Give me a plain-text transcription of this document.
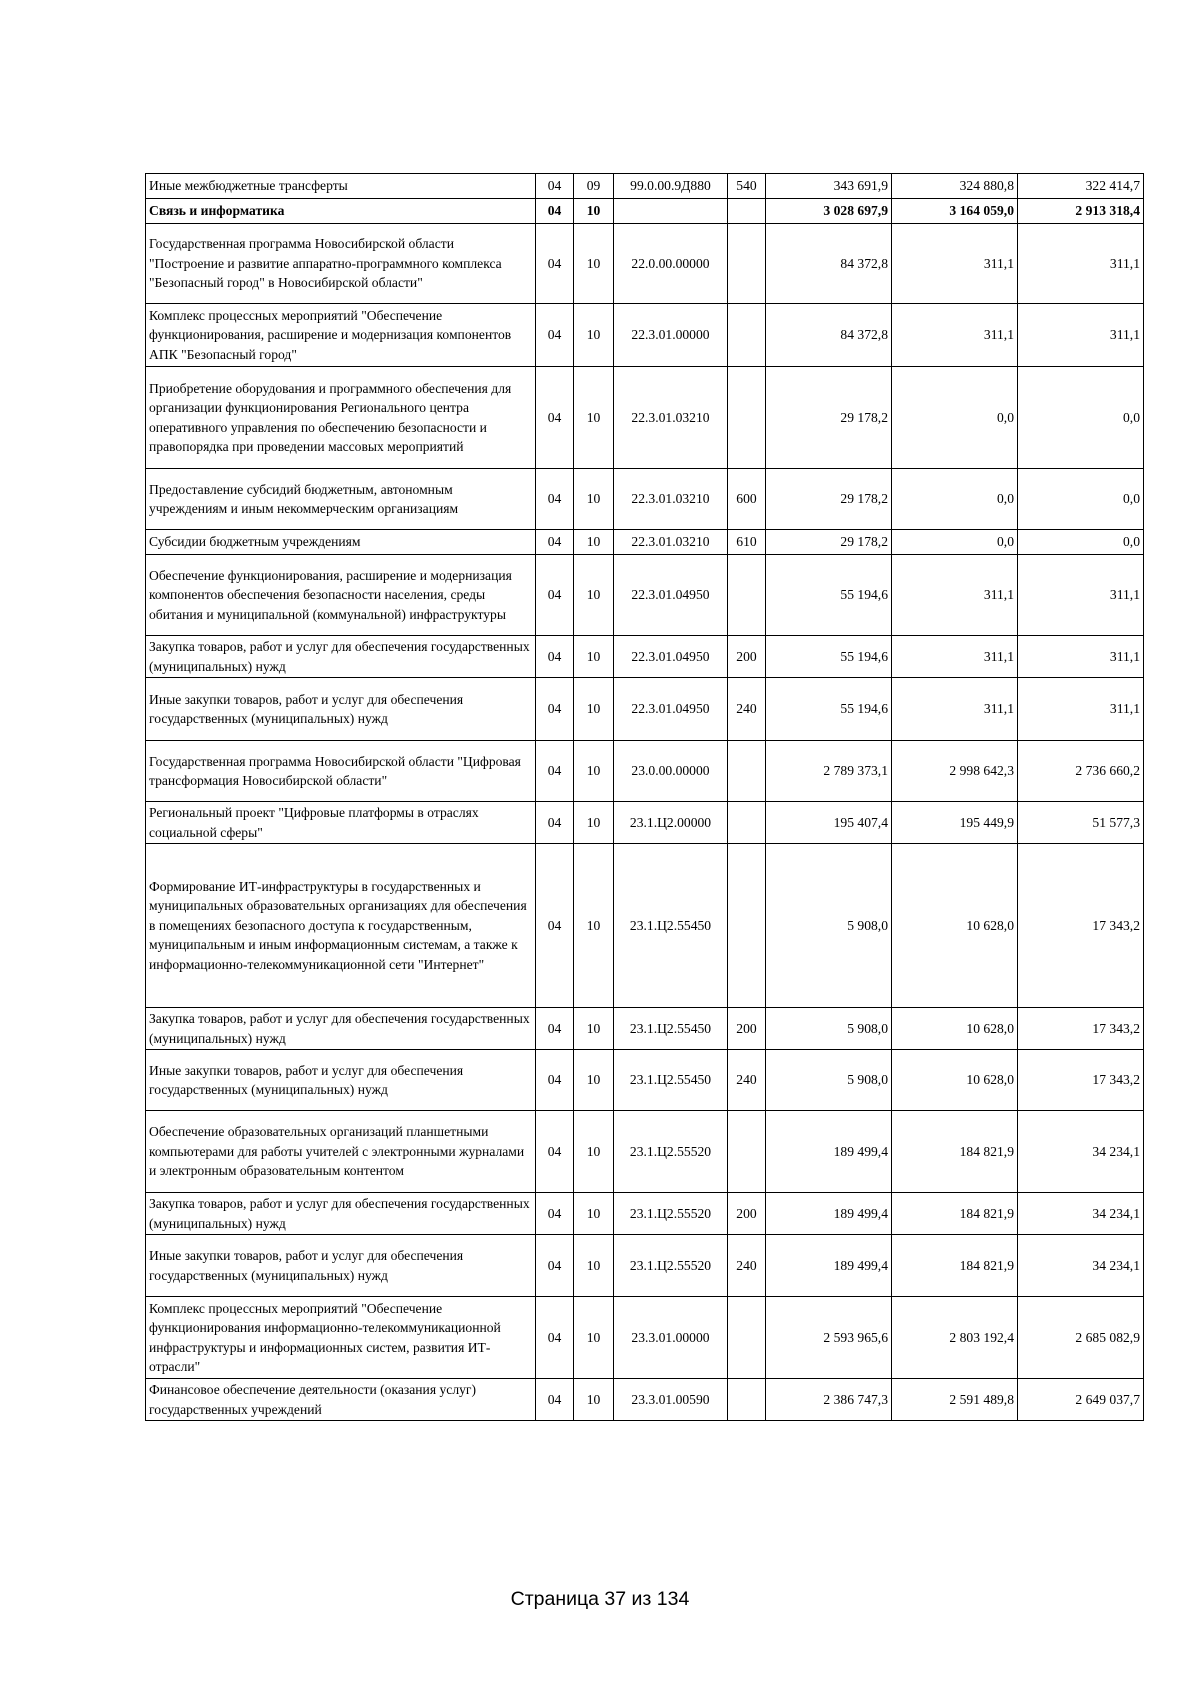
Иные межбюджетные трансферты	04	09	99.0.00.9Д880	540	343 691,9	324 880,8	322 414,7
Связь и информатика	04	10			3 028 697,9	3 164 059,0	2 913 318,4
Государственная программа Новосибирской области "Построение и развитие аппаратно-программного комплекса "Безопасный город" в Новосибирской области"	04	10	22.0.00.00000		84 372,8	311,1	311,1
Комплекс процессных мероприятий "Обеспечение функционирования, расширение и модернизация компонентов АПК "Безопасный город"	04	10	22.3.01.00000		84 372,8	311,1	311,1
Приобретение оборудования и программного обеспечения для организации функционирования Регионального центра оперативного управления по обеспечению безопасности и правопорядка при проведении массовых мероприятий	04	10	22.3.01.03210		29 178,2	0,0	0,0
Предоставление субсидий бюджетным, автономным учреждениям и иным некоммерческим организациям	04	10	22.3.01.03210	600	29 178,2	0,0	0,0
Субсидии бюджетным учреждениям	04	10	22.3.01.03210	610	29 178,2	0,0	0,0
Обеспечение функционирования, расширение и модернизация компонентов обеспечения безопасности населения, среды обитания и муниципальной (коммунальной) инфраструктуры	04	10	22.3.01.04950		55 194,6	311,1	311,1
Закупка товаров, работ и услуг для обеспечения государственных (муниципальных) нужд	04	10	22.3.01.04950	200	55 194,6	311,1	311,1
Иные закупки товаров, работ и услуг для обеспечения государственных (муниципальных) нужд	04	10	22.3.01.04950	240	55 194,6	311,1	311,1
Государственная программа Новосибирской области "Цифровая трансформация Новосибирской области"	04	10	23.0.00.00000		2 789 373,1	2 998 642,3	2 736 660,2
Региональный проект "Цифровые платформы в отраслях социальной сферы"	04	10	23.1.Ц2.00000		195 407,4	195 449,9	51 577,3
Формирование ИТ-инфраструктуры в государственных и муниципальных образовательных организациях для обеспечения в помещениях безопасного доступа к государственным, муниципальным и иным информационным системам, а также к информационно-телекоммуникационной сети "Интернет"	04	10	23.1.Ц2.55450		5 908,0	10 628,0	17 343,2
Закупка товаров, работ и услуг для обеспечения государственных (муниципальных) нужд	04	10	23.1.Ц2.55450	200	5 908,0	10 628,0	17 343,2
Иные закупки товаров, работ и услуг для обеспечения государственных (муниципальных) нужд	04	10	23.1.Ц2.55450	240	5 908,0	10 628,0	17 343,2
Обеспечение образовательных организаций планшетными компьютерами для работы учителей с электронными журналами и электронным образовательным контентом	04	10	23.1.Ц2.55520		189 499,4	184 821,9	34 234,1
Закупка товаров, работ и услуг для обеспечения государственных (муниципальных) нужд	04	10	23.1.Ц2.55520	200	189 499,4	184 821,9	34 234,1
Иные закупки товаров, работ и услуг для обеспечения государственных (муниципальных) нужд	04	10	23.1.Ц2.55520	240	189 499,4	184 821,9	34 234,1
Комплекс процессных мероприятий "Обеспечение функционирования информационно-телекоммуникационной инфраструктуры и информационных систем, развития ИТ-отрасли"	04	10	23.3.01.00000		2 593 965,6	2 803 192,4	2 685 082,9
Финансовое обеспечение деятельности (оказания услуг) государственных учреждений	04	10	23.3.01.00590		2 386 747,3	2 591 489,8	2 649 037,7
Страница 37 из 134
